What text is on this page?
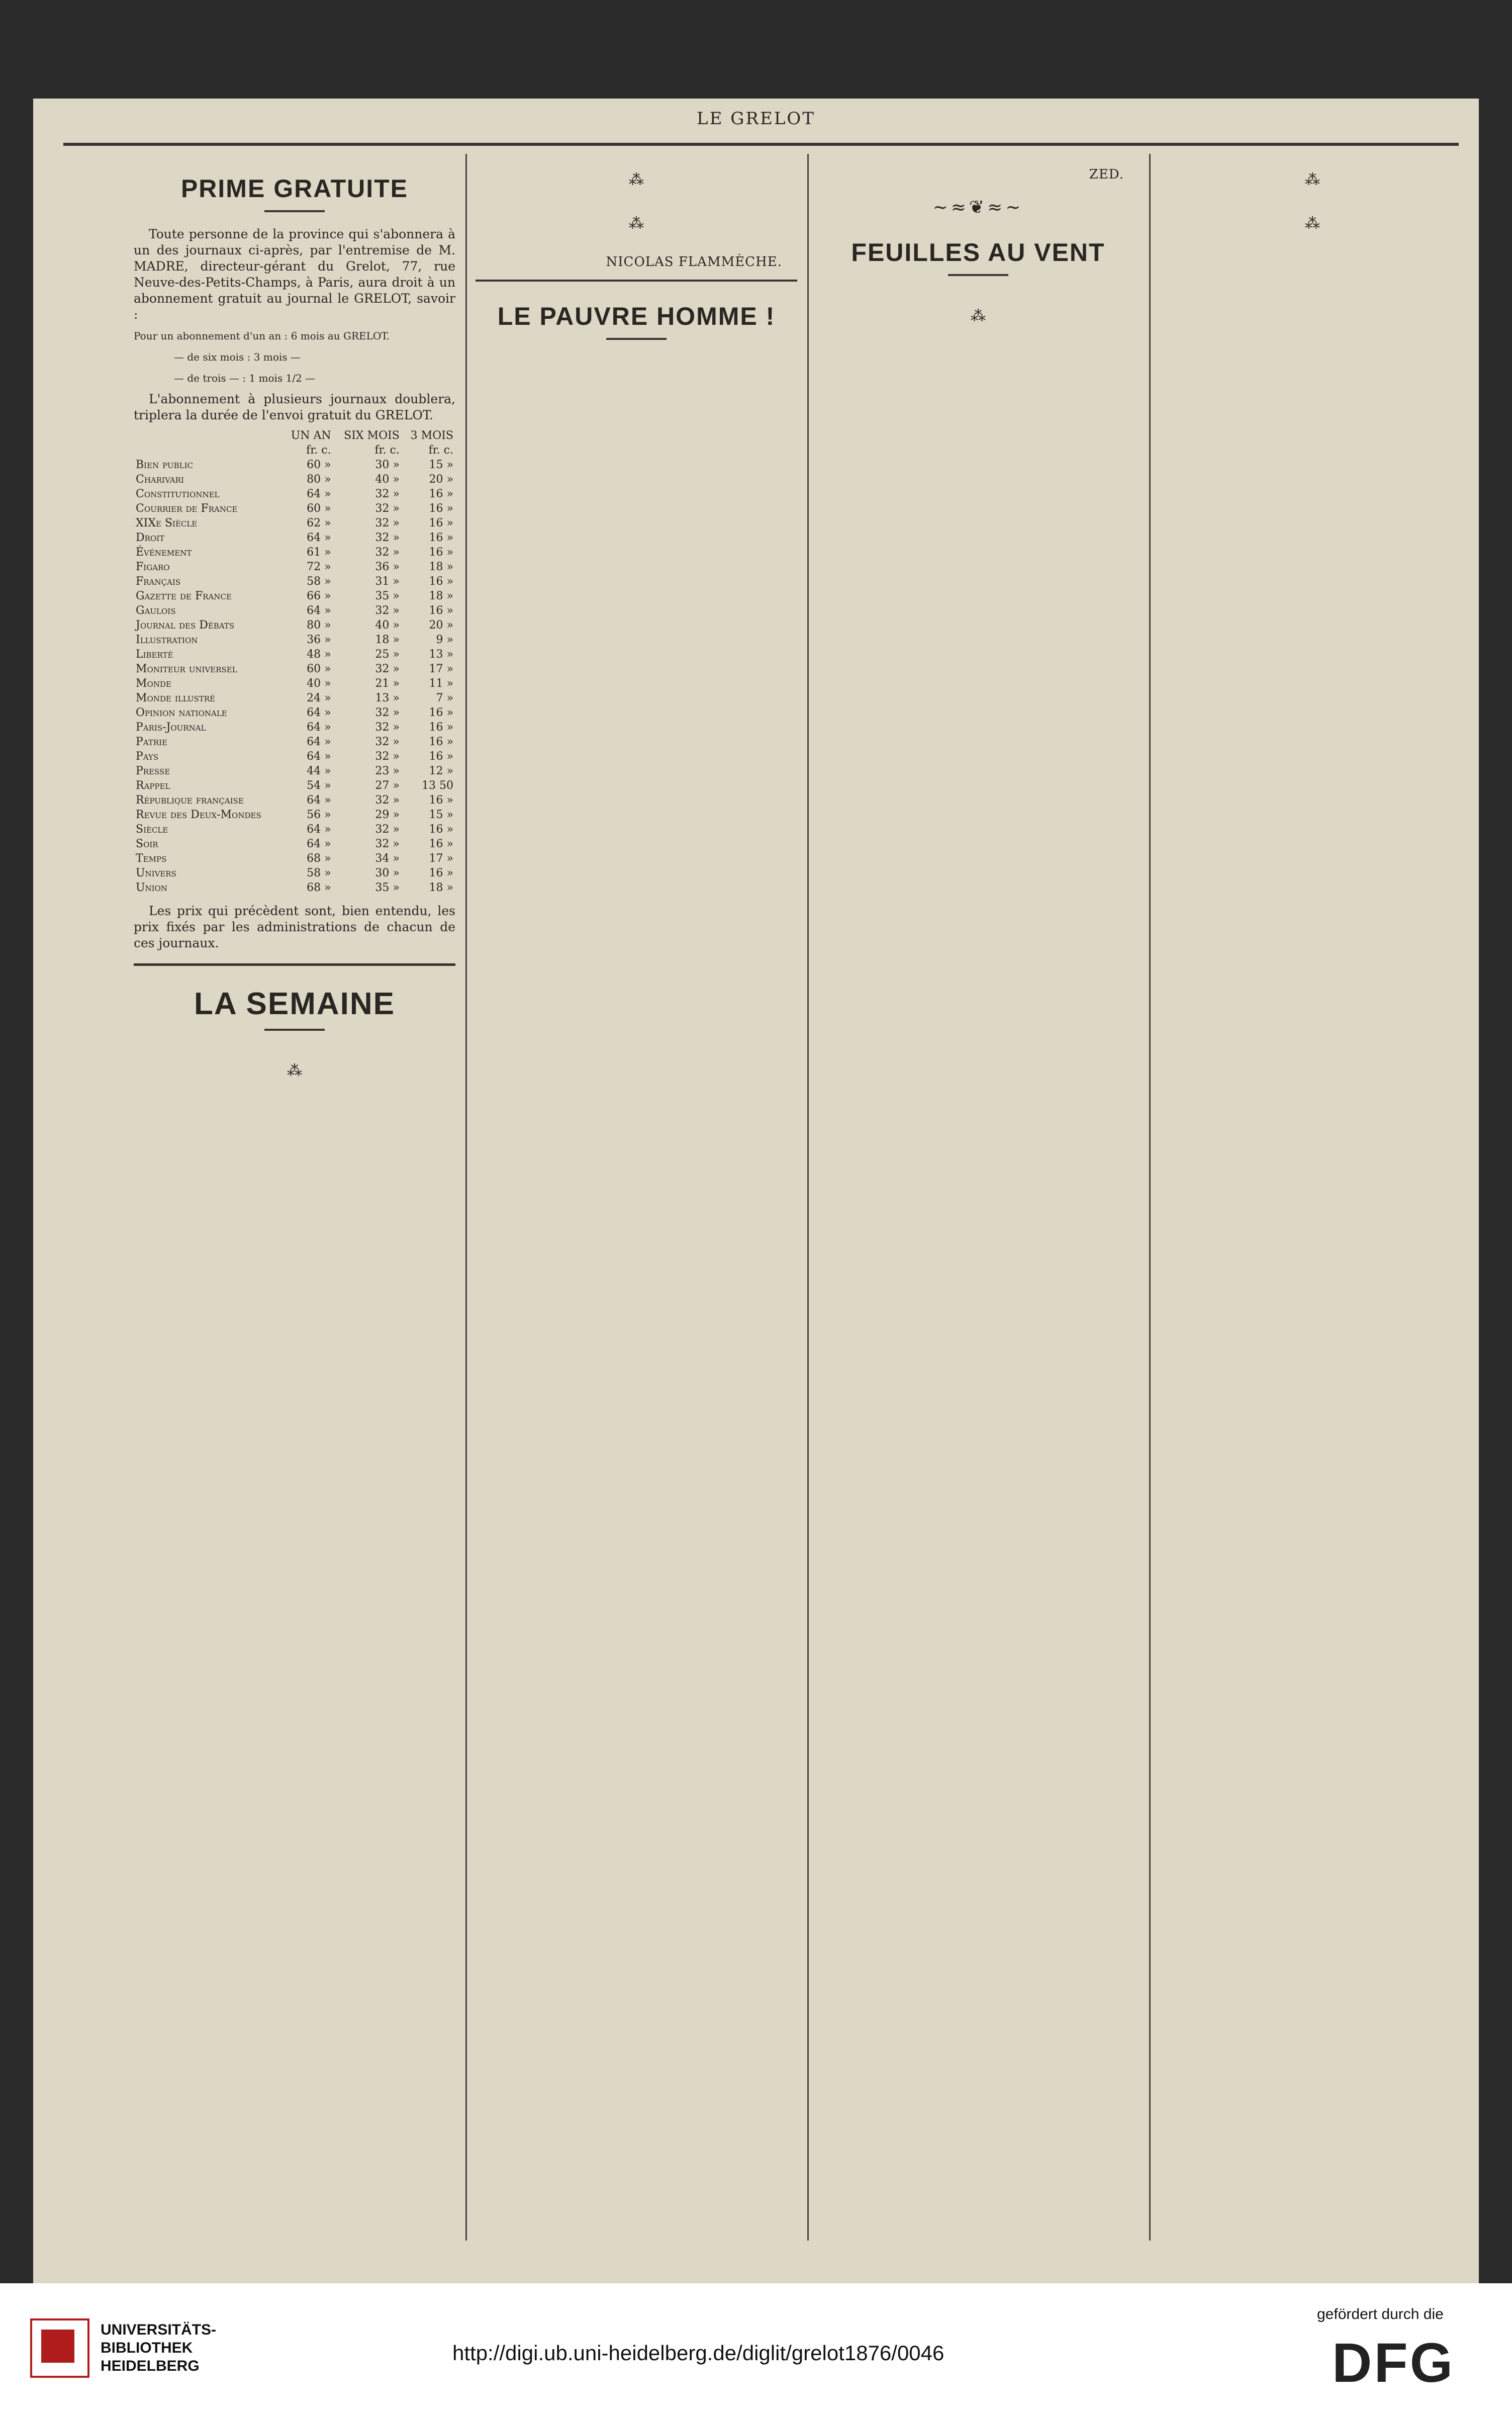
LE GRELOT
PRIME GRATUITE

Toute personne de la province qui s'abonnera à un des journaux ci-après, par l'entremise de M. MADRE, directeur-gérant du Grelot, 77, rue Neuve-des-Petits-Champs, à Paris, aura droit à un abonnement gratuit au journal le GRELOT, savoir :

Pour un abonnement d'un an : 6 mois au GRELOT.

— de six mois : 3 mois —

— de trois — : 1 mois 1/2 —

L'abonnement à plusieurs journaux doublera, triplera la durée de l'envoi gratuit du GRELOT.

	UN AN	SIX MOIS	3 MOIS
	fr. c.	fr. c.	fr. c.
Bien public	60 »	30 »	15 »
Charivari	80 »	40 »	20 »
Constitutionnel	64 »	32 »	16 »
Courrier de France	60 »	32 »	16 »
XIXe Siècle	62 »	32 »	16 »
Droit	64 »	32 »	16 »
Événement	61 »	32 »	16 »
Figaro	72 »	36 »	18 »
Français	58 »	31 »	16 »
Gazette de France	66 »	35 »	18 »
Gaulois	64 »	32 »	16 »
Journal des Débats	80 »	40 »	20 »
Illustration	36 »	18 »	9 »
Liberté	48 »	25 »	13 »
Moniteur universel	60 »	32 »	17 »
Monde	40 »	21 »	11 »
Monde illustré	24 »	13 »	7 »
Opinion nationale	64 »	32 »	16 »
Paris-Journal	64 »	32 »	16 »
Patrie	64 »	32 »	16 »
Pays	64 »	32 »	16 »
Presse	44 »	23 »	12 »
Rappel	54 »	27 »	13 50
République française	64 »	32 »	16 »
Revue des Deux-Mondes	56 »	29 »	15 »
Siècle	64 »	32 »	16 »
Soir	64 »	32 »	16 »
Temps	68 »	34 »	17 »
Univers	58 »	30 »	16 »
Union	68 »	35 »	18 »

Les prix qui précèdent sont, bien entendu, les prix fixés par les administrations de chacun de ces journaux.

LA SEMAINE

⁂

⁂

⁂

NICOLAS FLAMMÈCHE.
LE PAUVRE HOMME !

ZED.
~≈❦≈~
FEUILLES AU VENT

⁂

⁂

⁂

UNIVERSITÄTS-
BIBLIOTHEK
HEIDELBERG
http://digi.ub.uni-heidelberg.de/diglit/grelot1876/0046
gefördert durch die
DFG
